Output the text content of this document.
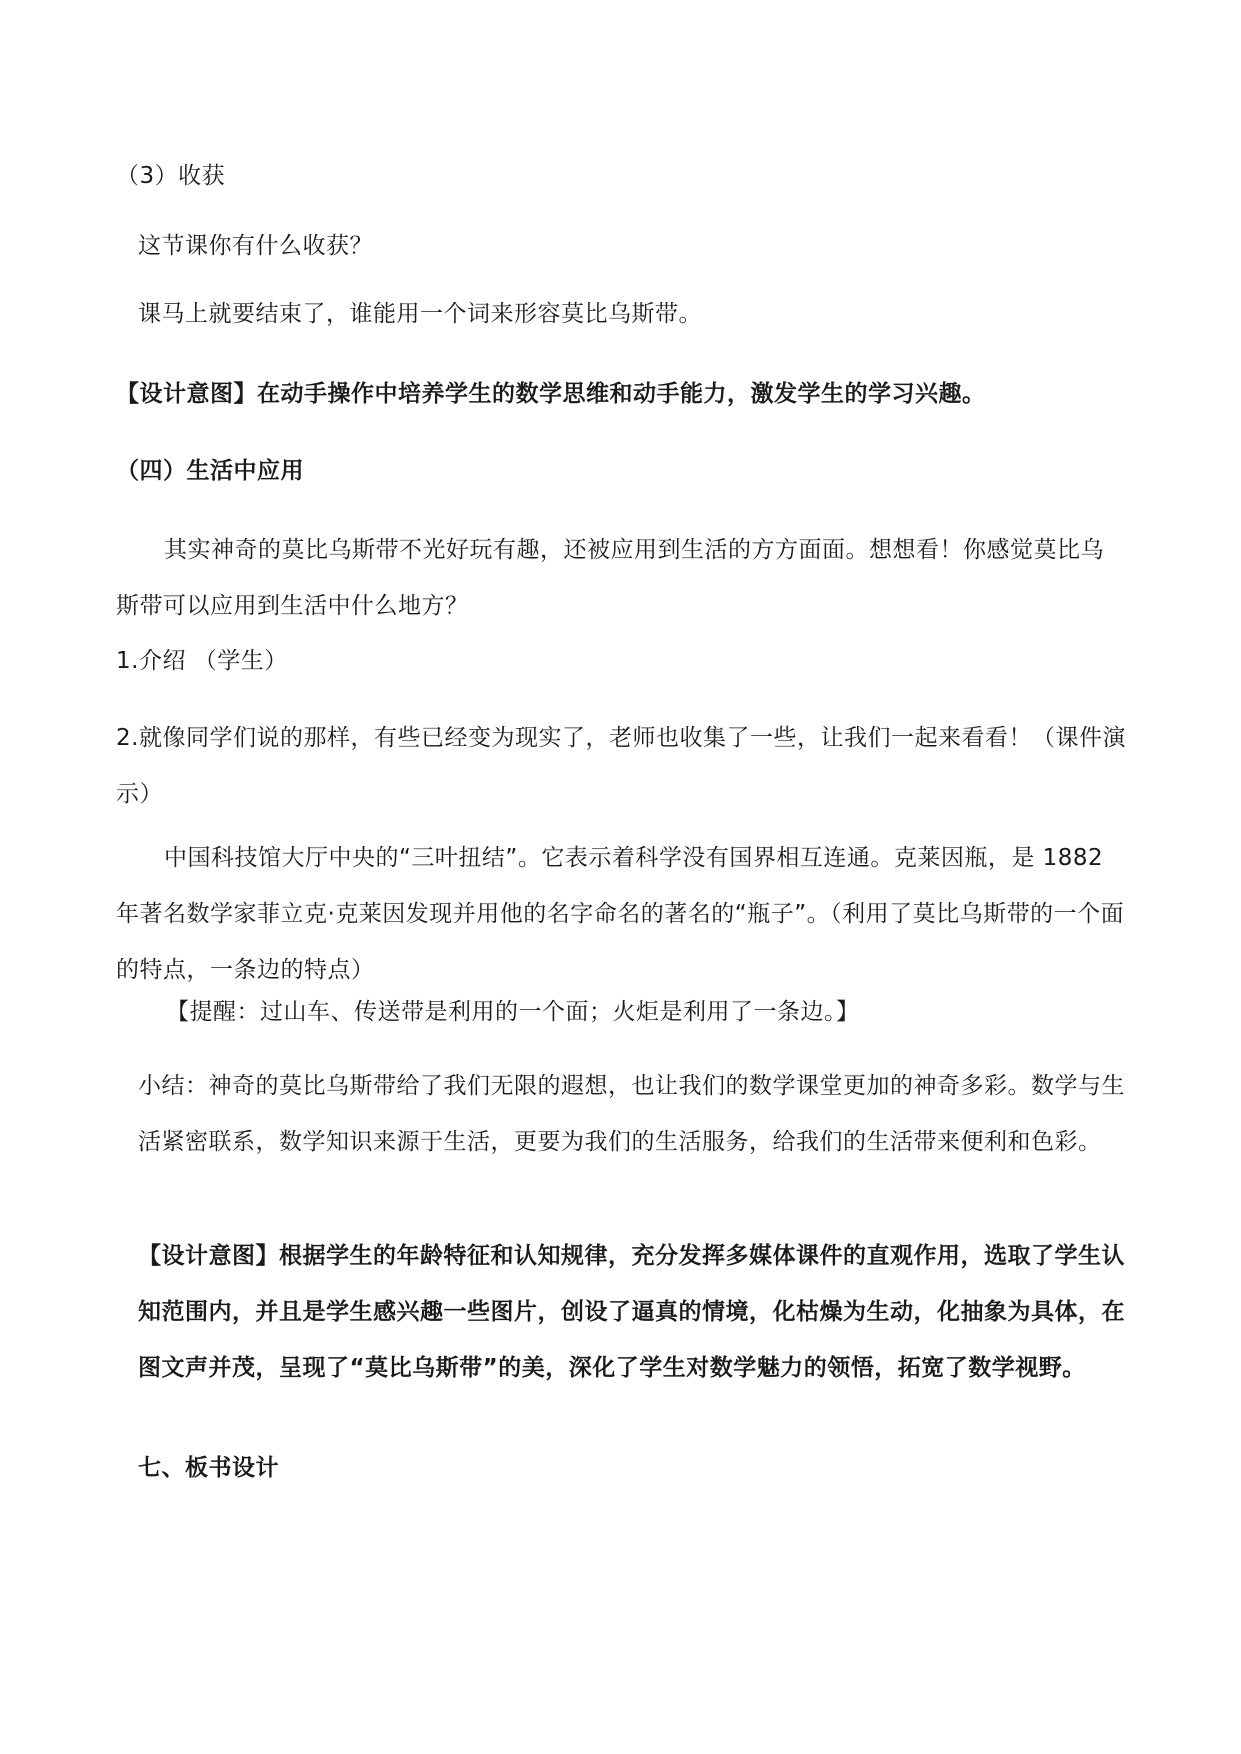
（3）收获

这节课你有什么收获？

课马上就要结束了，谁能用一个词来形容莫比乌斯带。

【设计意图】在动手操作中培养学生的数学思维和动手能力，激发学生的学习兴趣。

（四）生活中应用

其实神奇的莫比乌斯带不光好玩有趣，还被应用到生活的方方面面。想想看！你感觉莫比乌斯带可以应用到生活中什么地方？

1.介绍 （学生）

2.就像同学们说的那样，有些已经变为现实了，老师也收集了一些，让我们一起来看看！（课件演示）

中国科技馆大厅中央的“三叶扭结”。它表示着科学没有国界相互连通。克莱因瓶，是 1882 年著名数学家菲立克·克莱因发现并用他的名字命名的著名的“瓶子”。（利用了莫比乌斯带的一个面的特点，一条边的特点）

【提醒：过山车、传送带是利用的一个面；火炬是利用了一条边。】

小结：神奇的莫比乌斯带给了我们无限的遐想，也让我们的数学课堂更加的神奇多彩。数学与生活紧密联系，数学知识来源于生活，更要为我们的生活服务，给我们的生活带来便利和色彩。

【设计意图】根据学生的年龄特征和认知规律，充分发挥多媒体课件的直观作用，选取了学生认知范围内，并且是学生感兴趣一些图片，创设了逼真的情境，化枯燥为生动，化抽象为具体，在图文声并茂，呈现了“莫比乌斯带”的美，深化了学生对数学魅力的领悟，拓宽了数学视野。

七、板书设计
